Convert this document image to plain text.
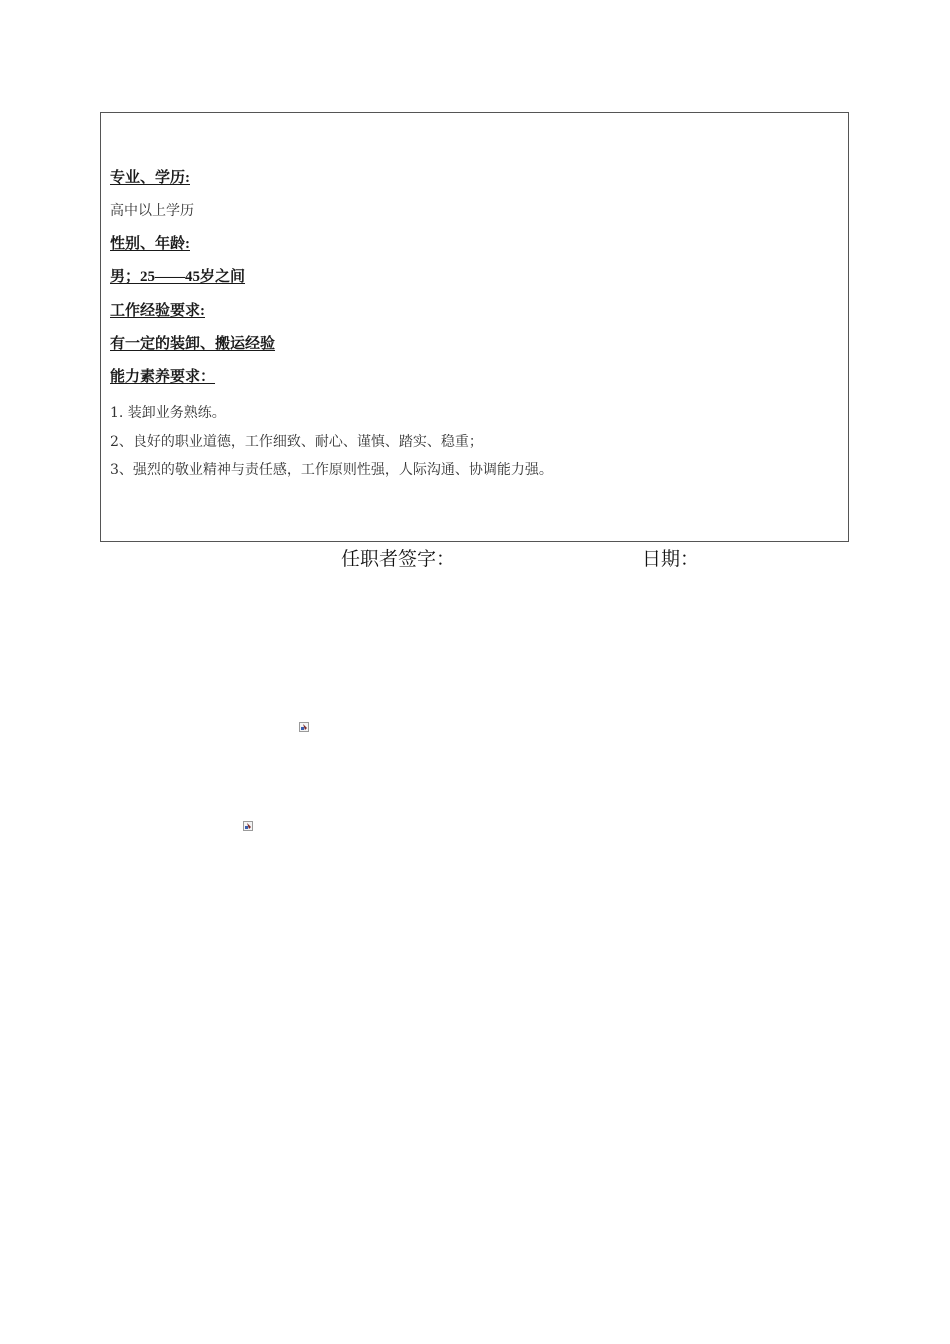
专业、学历:
高中以上学历
性别、年龄:
男；25——45岁之间
工作经验要求:
有一定的装卸、搬运经验
能力素养要求：
1. 装卸业务熟练。
2、良好的职业道德，工作细致、耐心、谨慎、踏实、稳重；
3、强烈的敬业精神与责任感，工作原则性强，人际沟通、协调能力强。
任职者签字：	日期：
